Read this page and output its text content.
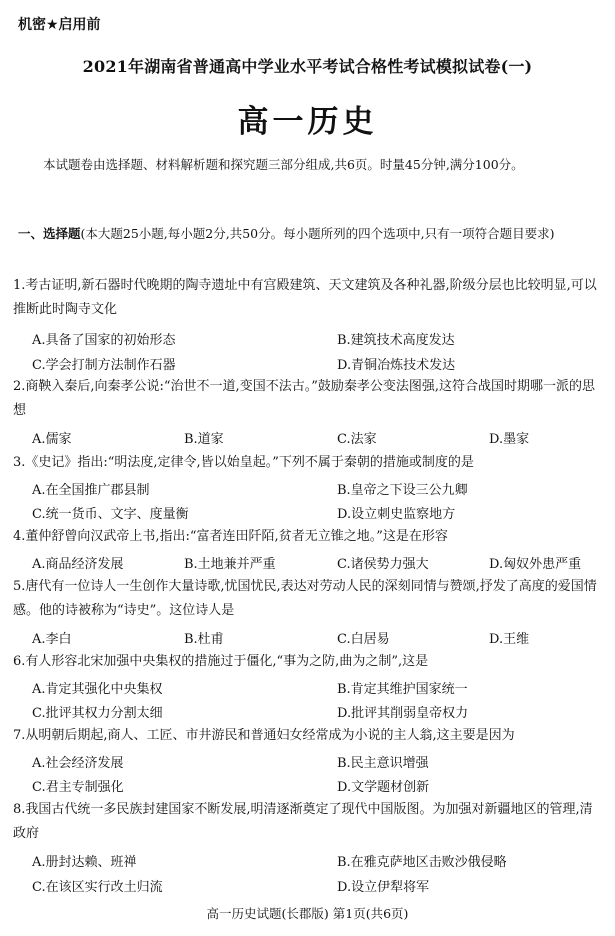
机密★启用前
2021年湖南省普通高中学业水平考试合格性考试模拟试卷(一)
高一历史
本试题卷由选择题、材料解析题和探究题三部分组成,共6页。时量45分钟,满分100分。
一、选择题(本大题25小题,每小题2分,共50分。每小题所列的四个选项中,只有一项符合题目要求)
1.考古证明,新石器时代晚期的陶寺遗址中有宫殿建筑、天文建筑及各种礼器,阶级分层也比较明显,可以推断此时陶寺文化
A.具备了国家的初始形态	B.建筑技术高度发达
C.学会打制方法制作石器	D.青铜冶炼技术发达
2.商鞅入秦后,向秦孝公说:“治世不一道,变国不法古。”鼓励秦孝公变法图强,这符合战国时期哪一派的思想
A.儒家	B.道家	C.法家	D.墨家
3.《史记》指出:“明法度,定律令,皆以始皇起。”下列不属于秦朝的措施或制度的是
A.在全国推广郡县制	B.皇帝之下设三公九卿
C.统一货币、文字、度量衡	D.设立刺史监察地方
4.董仲舒曾向汉武帝上书,指出:“富者连田阡陌,贫者无立锥之地。”这是在形容
A.商品经济发展	B.土地兼并严重	C.诸侯势力强大	D.匈奴外患严重
5.唐代有一位诗人一生创作大量诗歌,忧国忧民,表达对劳动人民的深刻同情与赞颂,抒发了高度的爱国情感。他的诗被称为“诗史”。这位诗人是
A.李白	B.杜甫	C.白居易	D.王维
6.有人形容北宋加强中央集权的措施过于僵化,“事为之防,曲为之制”,这是
A.肯定其强化中央集权	B.肯定其维护国家统一
C.批评其权力分割太细	D.批评其削弱皇帝权力
7.从明朝后期起,商人、工匠、市井游民和普通妇女经常成为小说的主人翁,这主要是因为
A.社会经济发展	B.民主意识增强
C.君主专制强化	D.文学题材创新
8.我国古代统一多民族封建国家不断发展,明清逐渐奠定了现代中国版图。为加强对新疆地区的管理,清政府
A.册封达赖、班禅	B.在雅克萨地区击败沙俄侵略
C.在该区实行改土归流	D.设立伊犁将军
高一历史试题(长郡版) 第1页(共6页)
